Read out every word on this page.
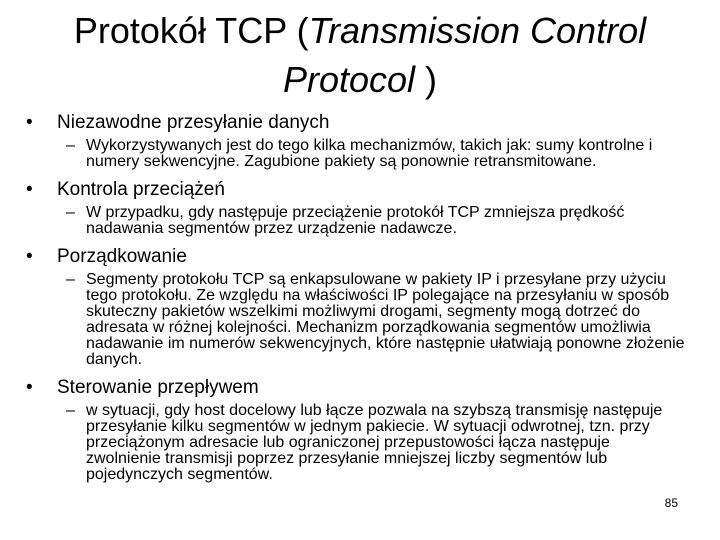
Protokół TCP (Transmission Control Protocol )
•	Niezawodne przesyłanie danych
– Wykorzystywanych jest do tego kilka mechanizmów, takich jak: sumy kontrolne i numery sekwencyjne. Zagubione pakiety są ponownie retransmitowane.
•	Kontrola przeciążeń
– W przypadku, gdy następuje przeciążenie protokół TCP zmniejsza prędkość nadawania segmentów przez urządzenie nadawcze.
•	Porządkowanie
– Segmenty protokołu TCP są enkapsulowane w pakiety IP i przesyłane przy użyciu tego protokołu. Ze względu na właściwości IP polegające na przesyłaniu w sposób skuteczny pakietów wszelkimi możliwymi drogami, segmenty mogą dotrzeć do adresata w różnej kolejności. Mechanizm porządkowania segmentów umożliwia nadawanie im numerów sekwencyjnych, które następnie ułatwiają ponowne złożenie danych.
•	Sterowanie przepływem
– w sytuacji, gdy host docelowy lub łącze pozwala na szybszą transmisję następuje przesyłanie kilku segmentów w jednym pakiecie. W sytuacji odwrotnej, tzn. przy przeciążonym adresacie lub ograniczonej przepustowości łącza następuje zwolnienie transmisji poprzez przesyłanie mniejszej liczby segmentów lub pojedynczych segmentów.
85
